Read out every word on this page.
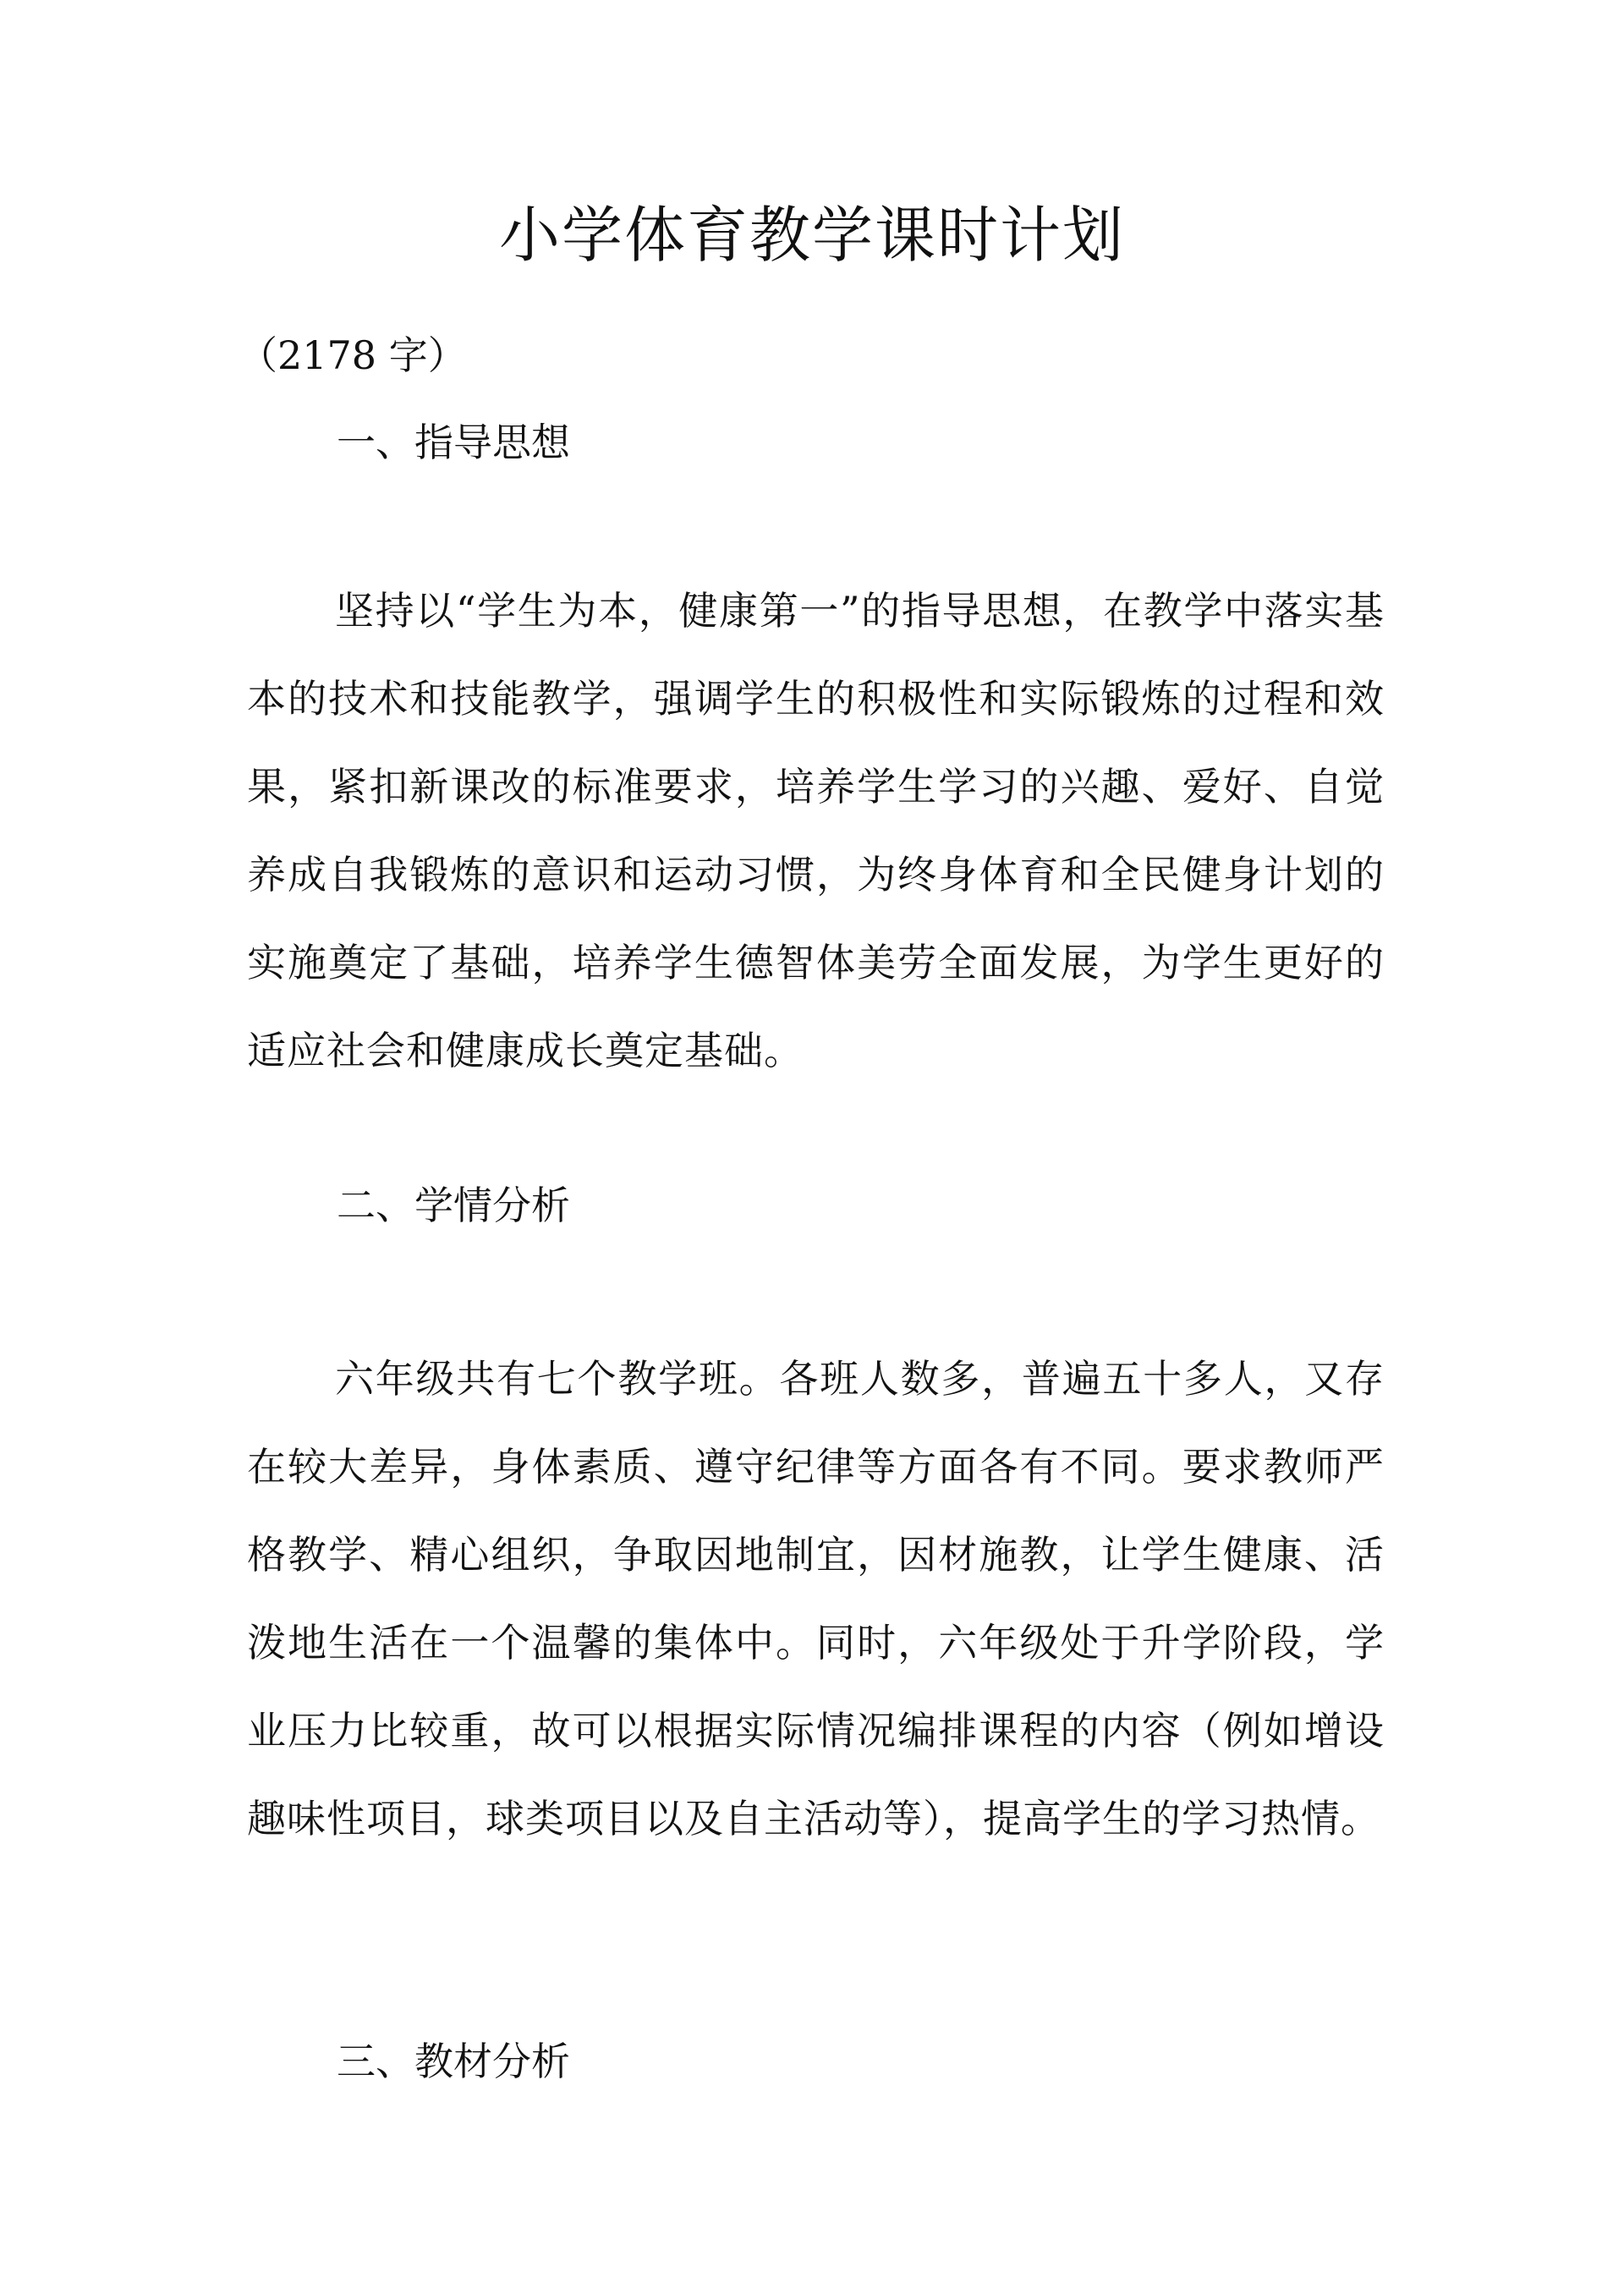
小学体育教学课时计划

（2178 字）

一、指导思想

坚持以“学生为本，健康第一”的指导思想，在教学中落实基本的技术和技能教学，强调学生的积极性和实际锻炼的过程和效果，紧扣新课改的标准要求，培养学生学习的兴趣、爱好、自觉养成自我锻炼的意识和运动习惯，为终身体育和全民健身计划的实施奠定了基础，培养学生德智体美劳全面发展，为学生更好的适应社会和健康成长奠定基础。

二、学情分析

六年级共有七个教学班。各班人数多，普遍五十多人，又存在较大差异，身体素质、遵守纪律等方面各有不同。要求教师严格教学、精心组织，争取因地制宜，因材施教，让学生健康、活泼地生活在一个温馨的集体中。同时，六年级处于升学阶段，学业压力比较重，故可以根据实际情况编排课程的内容（例如增设趣味性项目，球类项目以及自主活动等），提高学生的学习热情。

三、教材分析
